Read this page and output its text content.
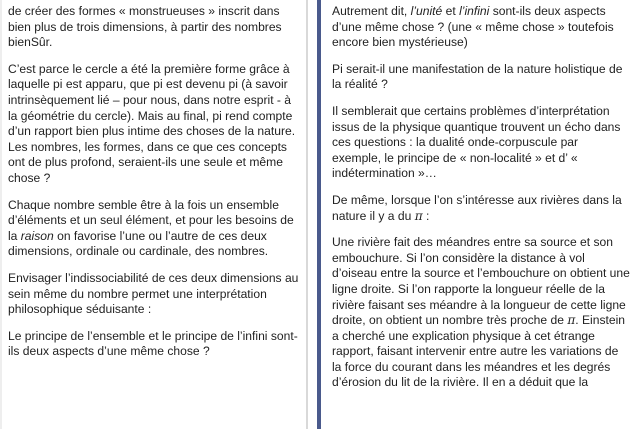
de créer des formes « monstrueuses » inscrit dans bien plus de trois dimensions, à partir des nombres bienSûr.

C’est parce le cercle a été la première forme grâce à laquelle pi est apparu, que pi est devenu pi (à savoir intrinsèquement lié – pour nous, dans notre esprit - à la géométrie du cercle). Mais au final, pi rend compte d’un rapport bien plus intime des choses de la nature. Les nombres, les formes, dans ce que ces concepts ont de plus profond, seraient-ils une seule et même chose ?

Chaque nombre semble être à la fois un ensemble d’éléments et un seul élément, et pour les besoins de la raison on favorise l’une ou l’autre de ces deux dimensions, ordinale ou cardinale, des nombres.

Envisager l’indissociabilité de ces deux dimensions au sein même du nombre permet une interprétation philosophique séduisante :

Le principe de l’ensemble et le principe de l’infini sont-ils deux aspects d’une même chose ?

Autrement dit, l’unité et l’infini sont-ils deux aspects d’une même chose ? (une « même chose » toutefois encore bien mystérieuse)

Pi serait-il une manifestation de la nature holistique de la réalité ?

Il semblerait que certains problèmes d’interprétation issus de la physique quantique trouvent un écho dans ces questions : la dualité onde-corpuscule par exemple, le principe de « non-localité » et d’ « indétermination »…

De même, lorsque l’on s’intéresse aux rivières dans la nature il y a du π :

Une rivière fait des méandres entre sa source et son embouchure. Si l’on considère la distance à vol d’oiseau entre la source et l’embouchure on obtient une ligne droite. Si l’on rapporte la longueur réelle de la rivière faisant ses méandre à la longueur de cette ligne droite, on obtient un nombre très proche de π. Einstein a cherché une explication physique à cet étrange rapport, faisant intervenir entre autre les variations de la force du courant dans les méandres et les degrés d’érosion du lit de la rivière. Il en a déduit que la
